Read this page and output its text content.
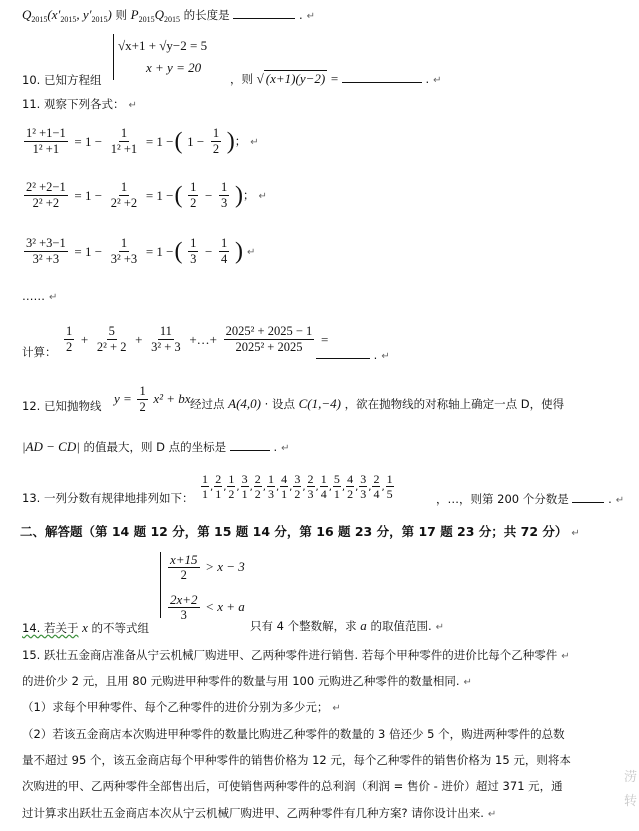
$Q_{2015}(x'_{2015}$, $y'_{2015}$) 则 $P_{2015}Q_{2015}$ 的长度是	. ↵
√x+1 + √y−2 = 5
x + y = 20
10. 已知方程组	，则 √ (x+1)(y−2) =	. ↵
11. 观察下列各式： ↵
$\frac{\text{1² +1−1}}{\text{1² +1}} = 1 - \frac{1}{\text{1² +1}} = 1$ −( $1 - \frac{1}{2}$ )； ↵
$\frac{\text{2² +2−1}}{\text{2² +2}} = 1 - \frac{1}{\text{2² +2}} = 1$ −( $\frac{1}{2} - \frac{1}{3}$ )； ↵
$\frac{\text{3² +3−1}}{\text{3² +3}} = 1 - \frac{1}{\text{3² +3}} = 1$ −( $\frac{1}{3} - \frac{1}{4}$ ) ↵
…… ↵
$\frac{1}{2} + \frac{5}{\text{2² + 2}} + \frac{11}{\text{3² + 3}}$ +…+ $\frac{\text{2025² + 2025 − 1}}{\text{2025² + 2025}}$ =
计算：	. ↵
$y = \frac{1}{2} x^2$ + bx
12. 已知抛物线	经过点 A(4,0) · 设点 C(1,−4) ，欲在抛物线的对称轴上确定一点 D，使得
|AD − CD| 的值最大，则 D 点的坐标是	. ↵
13. 一列分数有规律地排列如下： $\frac{1}{1}$ , $\frac{2}{1}$ , $\frac{1}{2}$ , $\frac{3}{1}$ , $\frac{2}{2}$ , $\frac{1}{3}$ , $\frac{4}{1}$ , $\frac{3}{2}$ , $\frac{2}{3}$ , $\frac{1}{4}$ , $\frac{5}{1}$ , $\frac{4}{2}$ , $\frac{3}{3}$ , $\frac{2}{4}$ , $\frac{1}{5}$	，…，则第 200 个分数是	. ↵
二、解答题（第 14 题 12 分，第 15 题 14 分，第 16 题 23 分，第 17 题 23 分；共 72 分） ↵
$\frac{x+15}{2} > x - 3$
$\frac{2x+2}{3} < x + a$
14. 若关于 x 的不等式组	只有 4 个整数解，求 a 的取值范围. ↵
15. 跃壮五金商店准备从宁云机械厂购进甲、乙两种零件进行销售. 若每个甲种零件的进价比每个乙种零件 ↵
的进价少 2 元，且用 80 元购进甲种零件的数量与用 100 元购进乙种零件的数量相同. ↵
（1）求每个甲种零件、每个乙种零件的进价分别为多少元； ↵
（2）若该五金商店本次购进甲种零件的数量比购进乙种零件的数量的 3 倍还少 5 个，购进两种零件的总数
量不超过 95 个，该五金商店每个甲种零件的销售价格为 12 元，每个乙种零件的销售价格为 15 元，则将本
次购进的甲、乙两种零件全部售出后，可使销售两种零件的总利润（利润 = 售价 - 进价）超过 371 元，通
过计算求出跃壮五金商店本次从宁云机械厂购进甲、乙两种零件有几种方案? 请你设计出来. ↵
涝
转
